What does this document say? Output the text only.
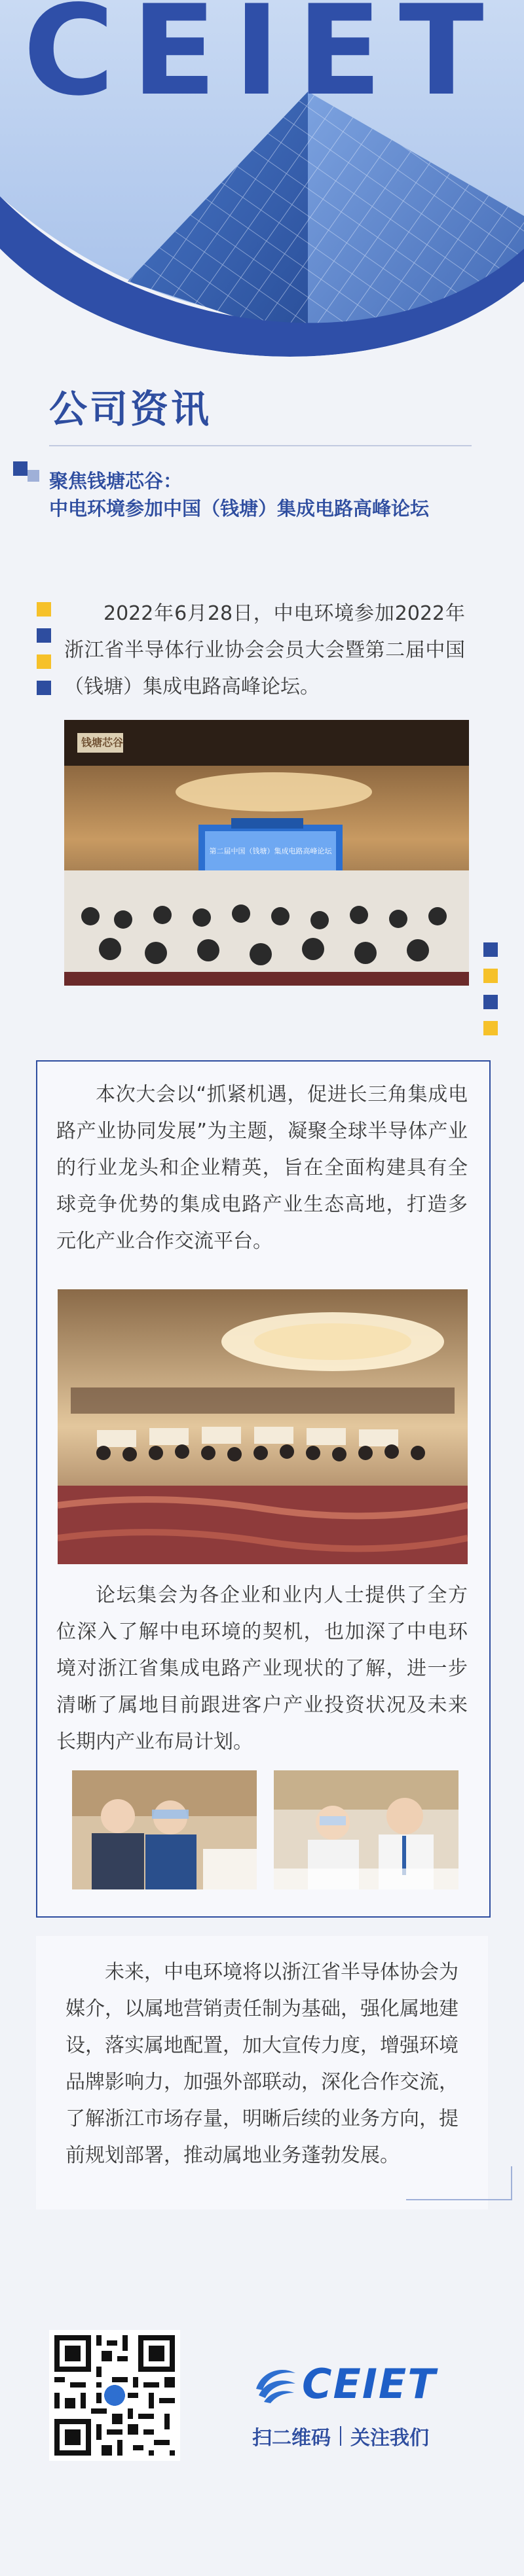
CEIET
公司资讯
聚焦钱塘芯谷：
中电环境参加中国（钱塘）集成电路高峰论坛

2022年6月28日，中电环境参加2022年浙江省半导体行业协会会员大会暨第二届中国（钱塘）集成电路高峰论坛。

钱塘芯谷
第二届中国（钱塘）集成电路高峰论坛

本次大会以“抓紧机遇，促进长三角集成电路产业协同发展”为主题，凝聚全球半导体产业的行业龙头和企业精英，旨在全面构建具有全球竞争优势的集成电路产业生态高地，打造多元化产业合作交流平台。

论坛集会为各企业和业内人士提供了全方位深入了解中电环境的契机，也加深了中电环境对浙江省集成电路产业现状的了解，进一步清晰了属地目前跟进客户产业投资状况及未来长期内产业布局计划。

未来，中电环境将以浙江省半导体协会为媒介，以属地营销责任制为基础，强化属地建设，落实属地配置，加大宣传力度，增强环境品牌影响力，加强外部联动，深化合作交流，了解浙江市场存量，明晰后续的业务方向，提前规划部署，推动属地业务蓬勃发展。

CEIET
扫二维码 关注我们
